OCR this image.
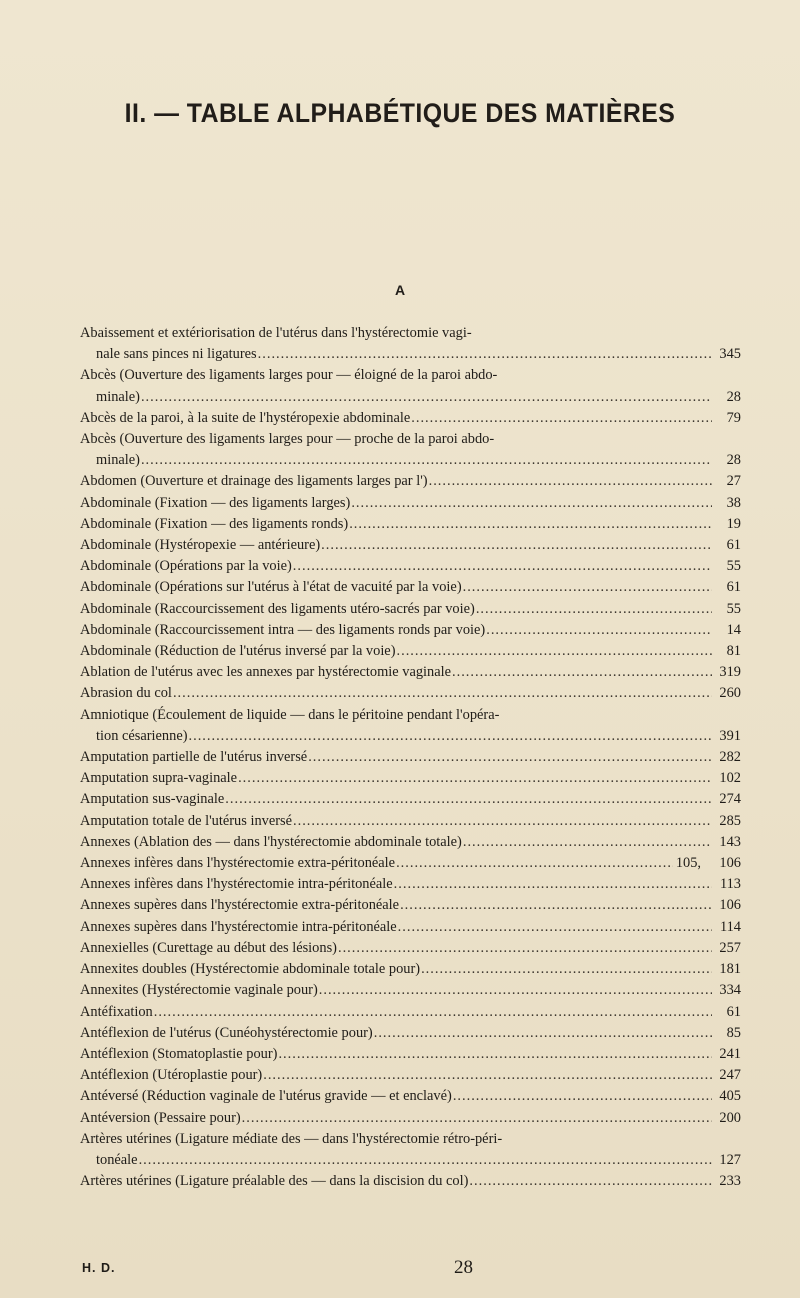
II. — TABLE ALPHABÉTIQUE DES MATIÈRES
A
Abaissement et extériorisation de l'utérus dans l'hystérectomie vagi-
nale sans pinces ni ligatures .....	345
Abcès (Ouverture des ligaments larges pour — éloigné de la paroi abdo-
minale) .....	28
Abcès de la paroi, à la suite de l'hystéropexie abdominale .....	79
Abcès (Ouverture des ligaments larges pour — proche de la paroi abdo-
minale) .....	28
Abdomen (Ouverture et drainage des ligaments larges par l') .....	27
Abdominale (Fixation — des ligaments larges) .....	38
Abdominale (Fixation — des ligaments ronds) .....	19
Abdominale (Hystéropexie — antérieure) .....	61
Abdominale (Opérations par la voie) .....	55
Abdominale (Opérations sur l'utérus à l'état de vacuité par la voie) .....	61
Abdominale (Raccourcissement des ligaments utéro-sacrés par voie) .....	55
Abdominale (Raccourcissement intra — des ligaments ronds par voie) .....	14
Abdominale (Réduction de l'utérus inversé par la voie) .....	81
Ablation de l'utérus avec les annexes par hystérectomie vaginale .....	319
Abrasion du col .....	260
Amniotique (Écoulement de liquide — dans le péritoine pendant l'opéra-
tion césarienne) .....	391
Amputation partielle de l'utérus inversé .....	282
Amputation supra-vaginale .....	102
Amputation sus-vaginale .....	274
Amputation totale de l'utérus inversé .....	285
Annexes (Ablation des — dans l'hystérectomie abdominale totale) .....	143
Annexes infères dans l'hystérectomie extra-péritonéale .....	105,	106
Annexes infères dans l'hystérectomie intra-péritonéale .....	113
Annexes supères dans l'hystérectomie extra-péritonéale .....	106
Annexes supères dans l'hystérectomie intra-péritonéale .....	114
Annexielles (Curettage au début des lésions) .....	257
Annexites doubles (Hystérectomie abdominale totale pour) .....	181
Annexites (Hystérectomie vaginale pour) .....	334
Antéfixation .....	61
Antéflexion de l'utérus (Cunéohystérectomie pour) .....	85
Antéflexion (Stomatoplastie pour) .....	241
Antéflexion (Utéroplastie pour) .....	247
Antéversé (Réduction vaginale de l'utérus gravide — et enclavé) .....	405
Antéversion (Pessaire pour) .....	200
Artères utérines (Ligature médiate des — dans l'hystérectomie rétro-péri-
tonéale .....	127
Artères utérines (Ligature préalable des — dans la discision du col) .....	233
H. D.	28
